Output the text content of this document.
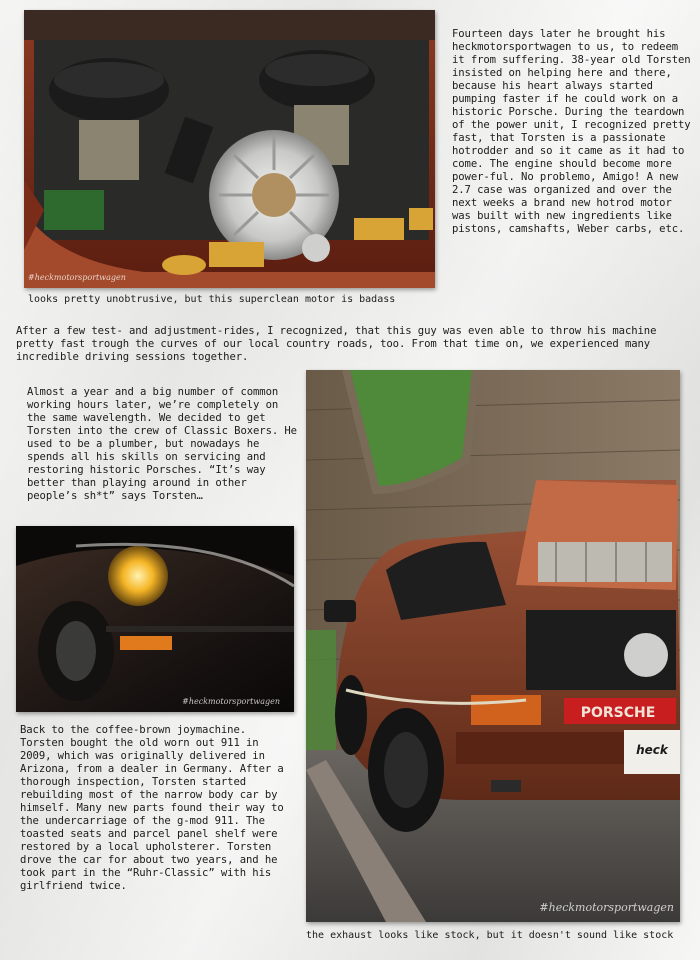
#heckmotorsportwagen

Fourteen days later he brought his heckmotorsportwagen to us, to redeem it from suffering. 38-year old Torsten insisted on helping here and there, because his heart always started pumping faster if he could work on a historic Porsche. During the teardown of the power unit, I recognized pretty fast, that Torsten is a passionate hotrodder and so it came as it had to come. The engine should become more power-ful. No problemo, Amigo! A new 2.7 case was organized and over the next weeks a brand new hotrod motor was built with new ingredients like pistons, camshafts, Weber carbs, etc.

looks pretty unobtrusive, but this superclean motor is badass

After a few test- and adjustment-rides, I recognized, that this guy was even able to throw his machine pretty fast trough the curves of our local country roads, too. From that time on, we experienced many incredible driving sessions together.

Almost a year and a big number of common working hours later, we’re completely on the same wavelength. We decided to get Torsten into the crew of Classic Boxers. He used to be a plumber, but nowadays he spends all his skills on servicing and restoring historic Porsches. “It’s way better than playing around in other people’s sh*t” says Torsten…

#heckmotorsportwagen

Back to the coffee-brown joymachine. Torsten bought the old worn out 911 in 2009, which was originally delivered in Arizona, from a dealer in Germany. After a thorough inspection, Torsten started rebuilding most of the narrow body car by himself. Many new parts found their way to the undercarriage of the g-mod 911. The toasted seats and parcel panel shelf were restored by a local upholsterer. Torsten drove the car for about two years, and he took part in the “Ruhr-Classic” with his girlfriend twice.

PORSCHE
heck
#heckmotorsportwagen
the exhaust looks like stock, but it doesn't sound like stock
